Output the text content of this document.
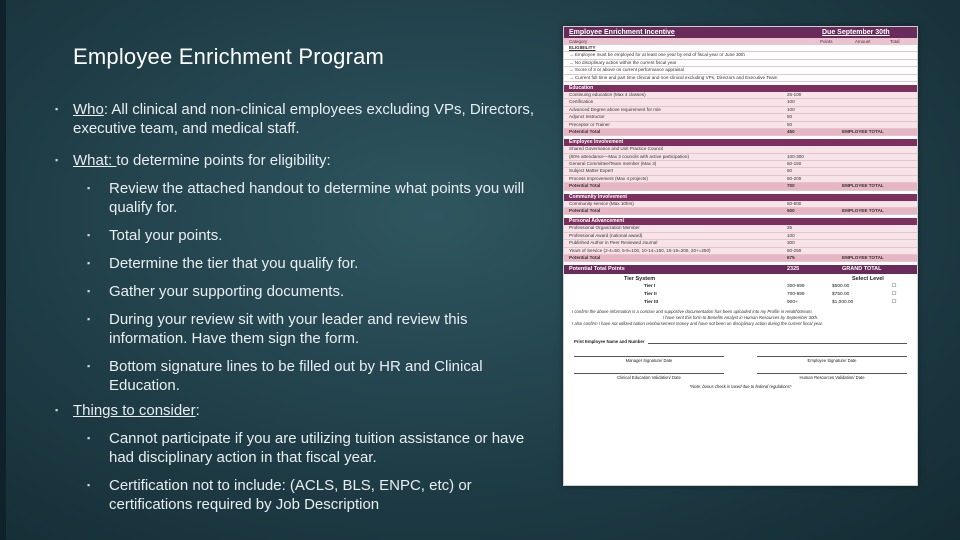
Employee Enrichment Program
▪ Who: All clinical and non-clinical employees excluding VPs, Directors, executive team, and medical staff.
▪ What: to determine points for eligibility:
▪ Review the attached handout to determine what points you will qualify for.
▪ Total your points.
▪ Determine the tier that you qualify for.
▪ Gather your supporting documents.
▪ During your review sit with your leader and review this information. Have them sign the form.
▪ Bottom signature lines to be filled out by HR and Clinical Education.
▪ Things to consider:
▪ Cannot participate if you are utilizing tuition assistance or have had disciplinary action in that fiscal year.
▪ Certification not to include: (ACLS, BLS, ENPC, etc) or certifications required by Job Description
Employee Enrichment Incentive	Due September 30th
Category	Points	Amount	Total
ELIGIBILITY
→ Employee must be employed for at least one year by end of fiscal year or June 30th
→ No disciplinary action within the current fiscal year
→ Score of 3 or above on current performance appraisal
→ Current full time and part time clinical and non-clinical excluding VPs, Directors and Executive Team
Education
Continuing education (Max 4 classes)	25-100
Certification	100
Advanced Degree above requirement for role	100
Adjunct Instructor	50
Preceptor or Trainer	50
Potential Total	450	EMPLOYEE TOTAL
Employee Involvement
Shared Governance and Unit Practice Council
(80% attendance—Max 3 councils with active participation)	100-300
General Committee/Team member (Max 3)	50-150
Subject Matter Expert	50
Process Improvement (Max 4 projects)	50-200
Potential Total	700	EMPLOYEE TOTAL
Community Involvement
Community service (Max 10hrs)	50-500
Potential Total	500	EMPLOYEE TOTAL
Personal Advancement
Professional Organization Member	25
Professional Award (national award)	100
Published Author in Peer Reviewed Journal	300
Years of Service (2-4=50, 5-9=100, 10-14=150, 15-19=200, 20+=250)	50-250
Potential Total	675	EMPLOYEE TOTAL
Potential Total Points	2325	GRAND TOTAL
Tier System	Select Level
Tier I	300-699	$500.00	☐
Tier II	700-899	$750.00	☐
Tier III	900+	$1,000.00	☐
I confirm the above information is a concise and supportive documentation has been uploaded into my Profile in HealthStream.
I have sent this form to Benefits Analyst in Human Resources by September 30th.
I also confirm I have not utilized tuition reimbursement money and have not been on disciplinary action during the current fiscal year.
Print Employee Name and Number
Manager Signature/ Date	Employee Signature/ Date
Clinical Education Validation/ Date	Human Resources Validation/ Date
*Note: bonus check is taxed due to federal regulations*
